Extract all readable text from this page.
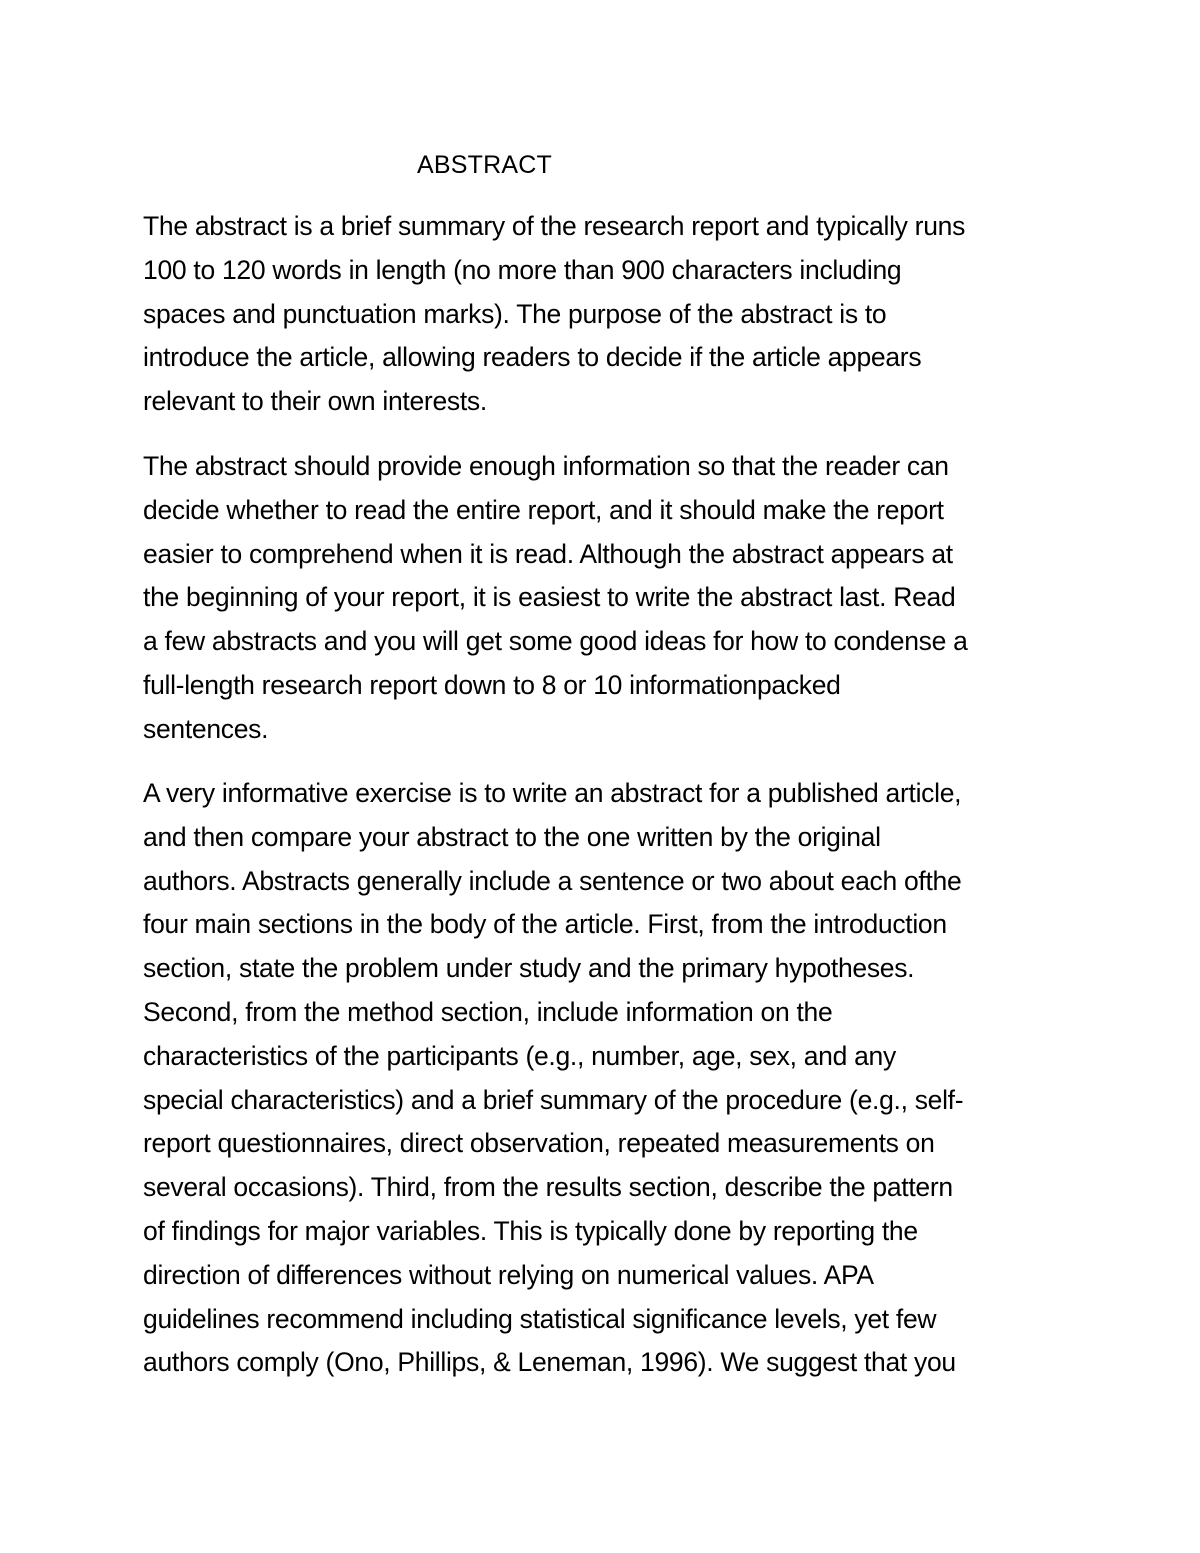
ABSTRACT

The abstract is a brief summary of the research report and typically runs
100 to 120 words in length (no more than 900 characters including
spaces and punctuation marks). The purpose of the abstract is to
introduce the article, allowing readers to decide if the article appears
relevant to their own interests.

The abstract should provide enough information so that the reader can
decide whether to read the entire report, and it should make the report
easier to comprehend when it is read. Although the abstract appears at
the beginning of your report, it is easiest to write the abstract last. Read
a few abstracts and you will get some good ideas for how to condense a
full-length research report down to 8 or 10 informationpacked
sentences.

A very informative exercise is to write an abstract for a published article,
and then compare your abstract to the one written by the original
authors. Abstracts generally include a sentence or two about each ofthe
four main sections in the body of the article. First, from the introduction
section, state the problem under study and the primary hypotheses.
Second, from the method section, include information on the
characteristics of the participants (e.g., number, age, sex, and any
special characteristics) and a brief summary of the procedure (e.g., self-
report questionnaires, direct observation, repeated measurements on
several occasions). Third, from the results section, describe the pattern
of findings for major variables. This is typically done by reporting the
direction of differences without relying on numerical values. APA
guidelines recommend including statistical significance levels, yet few
authors comply (Ono, Phillips, & Leneman, 1996). We suggest that you
